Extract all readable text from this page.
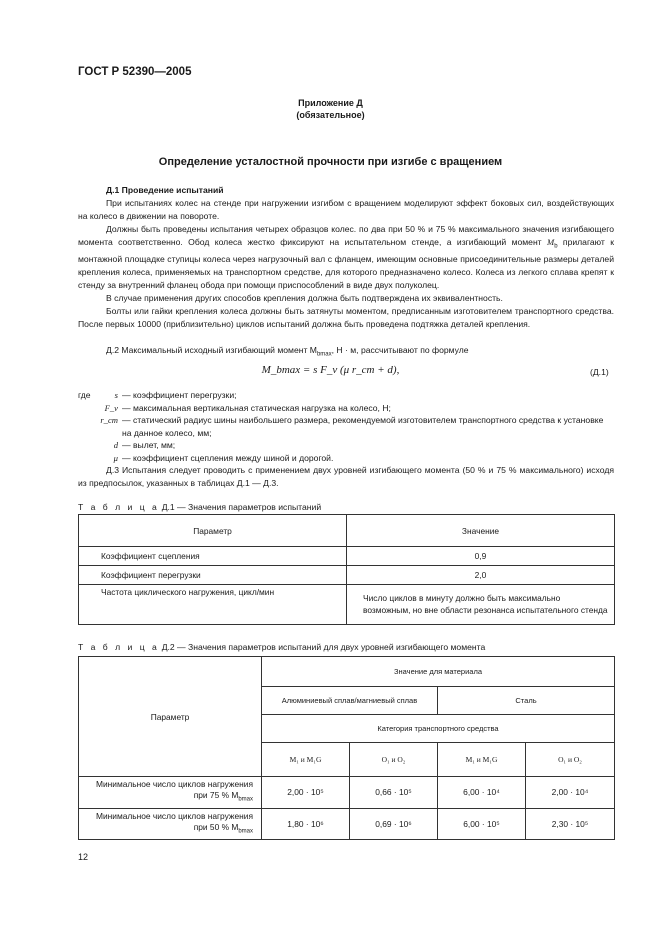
ГОСТ Р 52390—2005
Приложение Д
(обязательное)
Определение усталостной прочности при изгибе с вращением

Д.1 Проведение испытаний

При испытаниях колес на стенде при нагружении изгибом с вращением моделируют эффект боковых сил, воздействующих на колесо в движении на повороте.

Должны быть проведены испытания четырех образцов колес. по два при 50 % и 75 % максимального значения изгибающего момента соответственно. Обод колеса жестко фиксируют на испытательном стенде, а изгибающий момент $M_b$ прилагают к монтажной площадке ступицы колеса через нагрузочный вал с фланцем, имеющим основные присоединительные размеры деталей крепления колеса, применяемых на транспортном средстве, для которого предназначено колесо. Колеса из легкого сплава крепят к стенду за внутренний фланец обода при помощи приспособлений в виде двух полуколец.

В случае применения других способов крепления должна быть подтверждена их эквивалентность.

Болты или гайки крепления колеса должны быть затянуты моментом, предписанным изготовителем транспортного средства. После первых 10000 (приблизительно) циклов испытаний должна быть проведена подтяжка деталей крепления.

Д.2 Максимальный исходный изгибающий момент $M_{bmax}$, Н · м, рассчитывают по формуле

M_bmax = s F_v (μ r_ст + d),	(Д.1)
где	s — коэффициент перегрузки;
F_v — максимальная вертикальная статическая нагрузка на колесо, Н;
r_ст — статический радиус шины наибольшего размера, рекомендуемой изготовителем транспортного средства к установке на данное колесо, мм;
d — вылет, мм;
μ — коэффициент сцепления между шиной и дорогой.

Д.3 Испытания следует проводить с применением двух уровней изгибающего момента (50 % и 75 % максимального) исходя из предпосылок, указанных в таблицах Д.1 — Д.3.

Т а б л и ц а Д.1 — Значения параметров испытаний
Параметр	Значение
Коэффициент сцепления	0,9
Коэффициент перегрузки	2,0
Частота циклического нагружения, цикл/мин	Число циклов в минуту должно быть максимально возможным, но вне области резонанса испытательного стенда
Т а б л и ц а Д.2 — Значения параметров испытаний для двух уровней изгибающего момента
Параметр	Значение для материала			
	Алюминиевый сплав/магниевый сплав		Сталь	
	Категория транспортного средства			
	M₁ и M₁G	O₁ и O₂	M₁ и M₁G	O₁ и O₂
Минимальное число циклов нагружения при 75 % $M_{bmax}$	2,00 · 10⁵	0,66 · 10⁵	6,00 · 10⁴	2,00 · 10⁴
Минимальное число циклов нагружения при 50 % $M_{bmax}$	1,80 · 10⁶	0,69 · 10⁶	6,00 · 10⁵	2,30 · 10⁵
12
